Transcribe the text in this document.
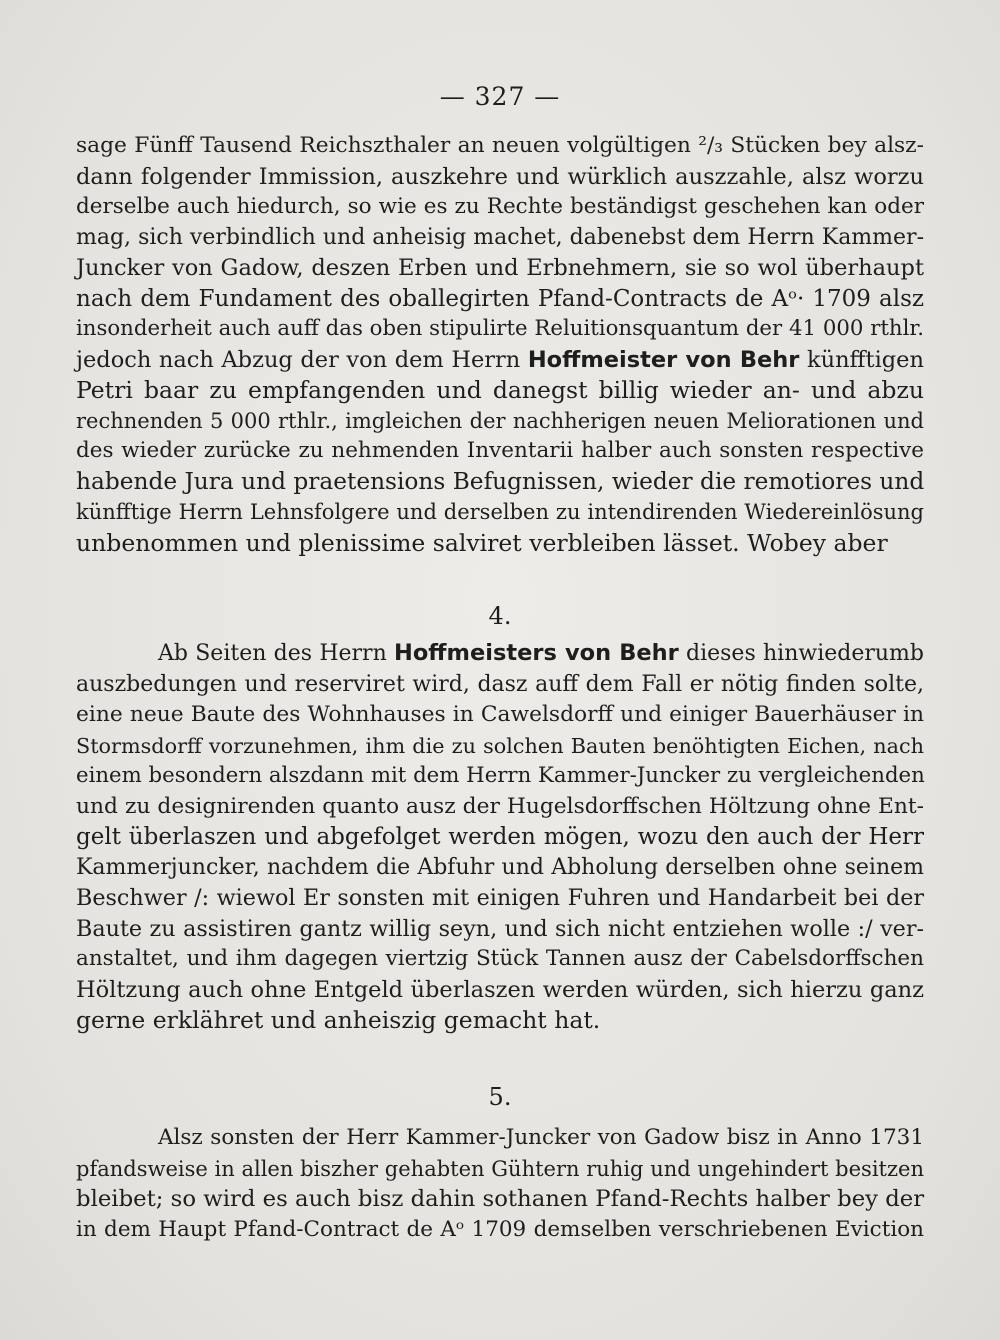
— 327 —
sage Fünff Tausend Reichszthaler an neuen volgültigen ²/₃ Stücken bey alsz-
dann folgender Immission, auszkehre und würklich auszzahle, alsz worzu
derselbe auch hiedurch, so wie es zu Rechte beständigst geschehen kan oder
mag, sich verbindlich und anheisig machet, dabenebst dem Herrn Kammer-
Juncker von Gadow, deszen Erben und Erbnehmern, sie so wol überhaupt
nach dem Fundament des oballegirten Pfand-Contracts de Aᵒ· 1709 alsz
insonderheit auch auff das oben stipulirte Reluitionsquantum der 41 000 rthlr.
jedoch nach Abzug der von dem Herrn Hoffmeister von Behr künfftigen
Petri baar zu empfangenden und danegst billig wieder an- und abzu
rechnenden 5 000 rthlr., imgleichen der nachherigen neuen Meliorationen und
des wieder zurücke zu nehmenden Inventarii halber auch sonsten respective
habende Jura und praetensions Befugnissen, wieder die remotiores und
künfftige Herrn Lehnsfolgere und derselben zu intendirenden Wiedereinlösung
unbenommen und plenissime salviret verbleiben lässet. Wobey aber
4.
Ab Seiten des Herrn Hoffmeisters von Behr dieses hinwiederumb
auszbedungen und reserviret wird, dasz auff dem Fall er nötig finden solte,
eine neue Baute des Wohnhauses in Cawelsdorff und einiger Bauerhäuser in
Stormsdorff vorzunehmen, ihm die zu solchen Bauten benöhtigten Eichen, nach
einem besondern alszdann mit dem Herrn Kammer-Juncker zu vergleichenden
und zu designirenden quanto ausz der Hugelsdorffschen Höltzung ohne Ent-
gelt überlaszen und abgefolget werden mögen, wozu den auch der Herr
Kammerjuncker, nachdem die Abfuhr und Abholung derselben ohne seinem
Beschwer /: wiewol Er sonsten mit einigen Fuhren und Handarbeit bei der
Baute zu assistiren gantz willig seyn, und sich nicht entziehen wolle :/ ver-
anstaltet, und ihm dagegen viertzig Stück Tannen ausz der Cabelsdorffschen
Höltzung auch ohne Entgeld überlaszen werden würden, sich hierzu ganz
gerne erklähret und anheiszig gemacht hat.
5.
Alsz sonsten der Herr Kammer-Juncker von Gadow bisz in Anno 1731
pfandsweise in allen biszher gehabten Gühtern ruhig und ungehindert besitzen
bleibet; so wird es auch bisz dahin sothanen Pfand-Rechts halber bey der
in dem Haupt Pfand-Contract de Aᵒ 1709 demselben verschriebenen Eviction
